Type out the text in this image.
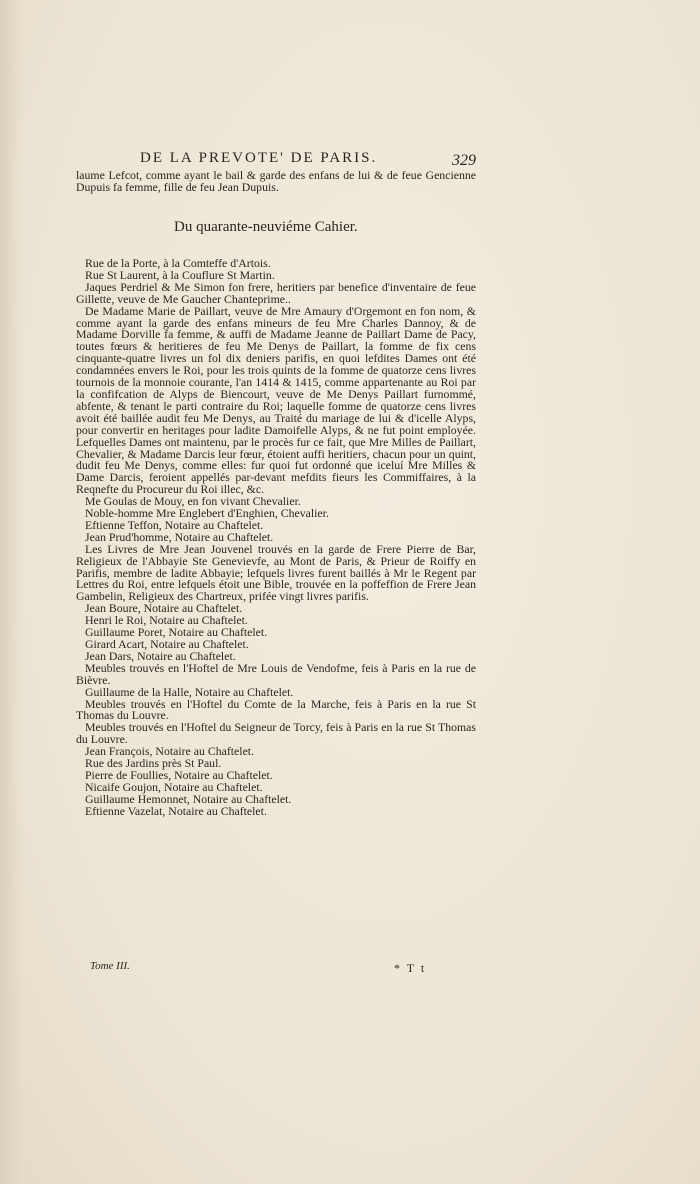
DE LA PREVOTE' DE PARIS.	329

laume Lefcot, comme ayant le bail & garde des enfans de lui & de feue Gencienne Dupuis fa femme, fille de feu Jean Dupuis.

Du quarante-neuviéme Cahier.

Rue de la Porte, à la Comteffe d'Artois.

Rue St Laurent, à la Couflure St Martin.

Jaques Perdriel & Me Simon fon frere, heritiers par benefice d'inventaire de feue Gillette, veuve de Me Gaucher Chanteprime..

De Madame Marie de Paillart, veuve de Mre Amaury d'Orgemont en fon nom, & comme ayant la garde des enfans mineurs de feu Mre Charles Dannoy, & de Madame Dorville fa femme, & auffi de Madame Jeanne de Paillart Dame de Pacy, toutes fœurs & heritieres de feu Me Denys de Paillart, la fomme de fix cens cinquante-quatre livres un fol dix deniers parifis, en quoi lefdites Dames ont été condamnées envers le Roi, pour les trois quints de la fomme de quatorze cens livres tournois de la monnoie courante, l'an 1414 & 1415, comme appartenante au Roi par la confifcation de Alyps de Biencourt, veuve de Me Denys Paillart furnommé, abfente, & tenant le parti contraire du Roi; laquelle fomme de quatorze cens livres avoit été baillée audit feu Me Denys, au Traité du mariage de lui & d'icelle Alyps, pour convertir en heritages pour ladite Damoifelle Alyps, & ne fut point employée. Lefquelles Dames ont maintenu, par le procès fur ce fait, que Mre Milles de Paillart, Chevalier, & Madame Darcis leur fœur, étoient auffi heritiers, chacun pour un quint, dudit feu Me Denys, comme elles: fur quoi fut ordonné que iceluí Mre Milles & Dame Darcis, feroient appellés par-devant mefdits fieurs les Commiffaires, à la Reqnefte du Procureur du Roi illec, &c.

Me Goulas de Mouy, en fon vivant Chevalier.

Noble-homme Mre Englebert d'Enghien, Chevalier.

Eftienne Teffon, Notaire au Chaftelet.

Jean Prud'homme, Notaire au Chaftelet.

Les Livres de Mre Jean Jouvenel trouvés en la garde de Frere Pierre de Bar, Religieux de l'Abbayie Ste Genevievfe, au Mont de Paris, & Prieur de Roiffy en Parifis, membre de ladite Abbayie; lefquels livres furent baillés à Mr le Regent par Lettres du Roi, entre lefquels étoit une Bible, trouvée en la poffeffion de Frere Jean Gambelin, Religieux des Chartreux, prifée vingt livres parifis.

Jean Boure, Notaire au Chaftelet.

Henri le Roi, Notaire au Chaftelet.

Guillaume Poret, Notaire au Chaftelet.

Girard Acart, Notaire au Chaftelet.

Jean Dars, Notaire au Chaftelet.

Meubles trouvés en l'Hoftel de Mre Louis de Vendofme, feis à Paris en la rue de Bièvre.

Guillaume de la Halle, Notaire au Chaftelet.

Meubles trouvés en l'Hoftel du Comte de la Marche, feis à Paris en la rue St Thomas du Louvre.

Meubles trouvés en l'Hoftel du Seigneur de Torcy, feis à Paris en la rue St Thomas du Louvre.

Jean François, Notaire au Chaftelet.

Rue des Jardins près St Paul.

Pierre de Foullies, Notaire au Chaftelet.

Nicaife Goujon, Notaire au Chaftelet.

Guillaume Hemonnet, Notaire au Chaftelet.

Eftienne Vazelat, Notaire au Chaftelet.

Tome III.	* T t
